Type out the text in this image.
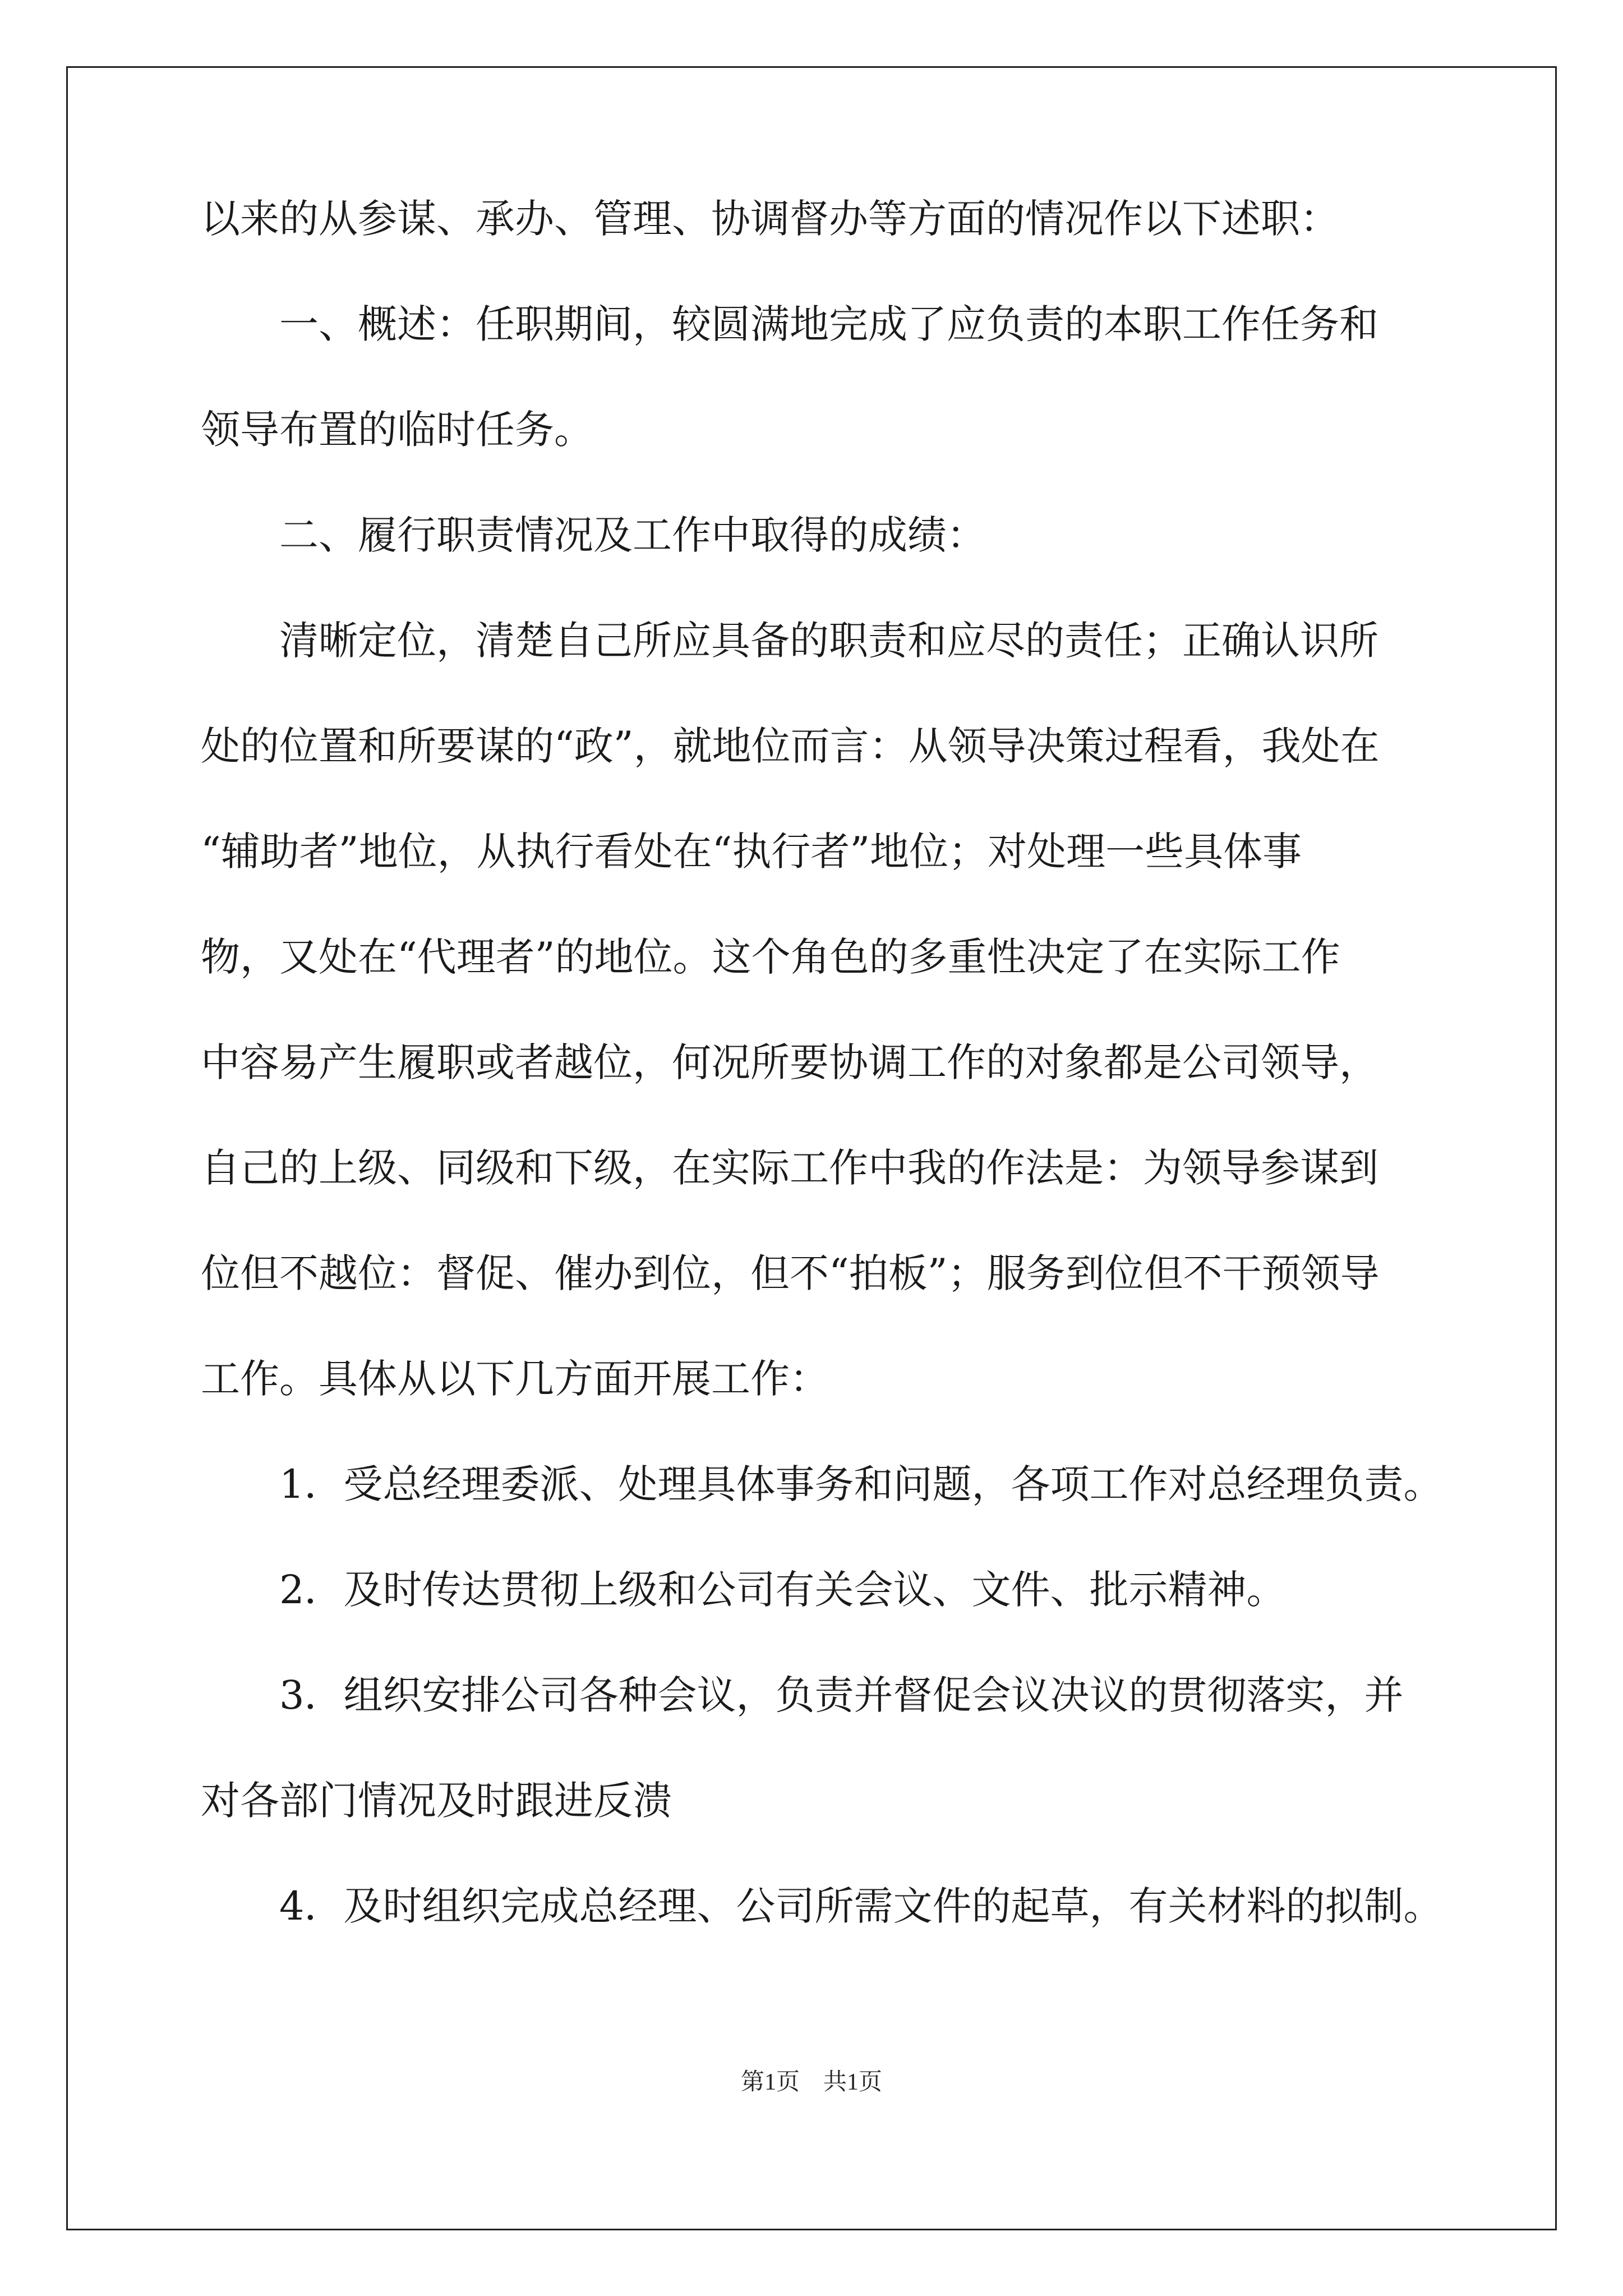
以来的从参谋、承办、管理、协调督办等方面的情况作以下述职：
一、概述：任职期间，较圆满地完成了应负责的本职工作任务和
领导布置的临时任务。
二、履行职责情况及工作中取得的成绩：
清晰定位，清楚自己所应具备的职责和应尽的责任；正确认识所
处的位置和所要谋的“政”，就地位而言：从领导决策过程看，我处在
“辅助者”地位，从执行看处在“执行者”地位；对处理一些具体事
物，又处在“代理者”的地位。这个角色的多重性决定了在实际工作
中容易产生履职或者越位，何况所要协调工作的对象都是公司领导，
自己的上级、同级和下级，在实际工作中我的作法是：为领导参谋到
位但不越位：督促、催办到位，但不“拍板”；服务到位但不干预领导
工作。具体从以下几方面开展工作：
1．受总经理委派、处理具体事务和问题，各项工作对总经理负责。
2．及时传达贯彻上级和公司有关会议、文件、批示精神。
3．组织安排公司各种会议，负责并督促会议决议的贯彻落实，并
对各部门情况及时跟进反溃
4．及时组织完成总经理、公司所需文件的起草，有关材料的拟制。
第1页　共1页
